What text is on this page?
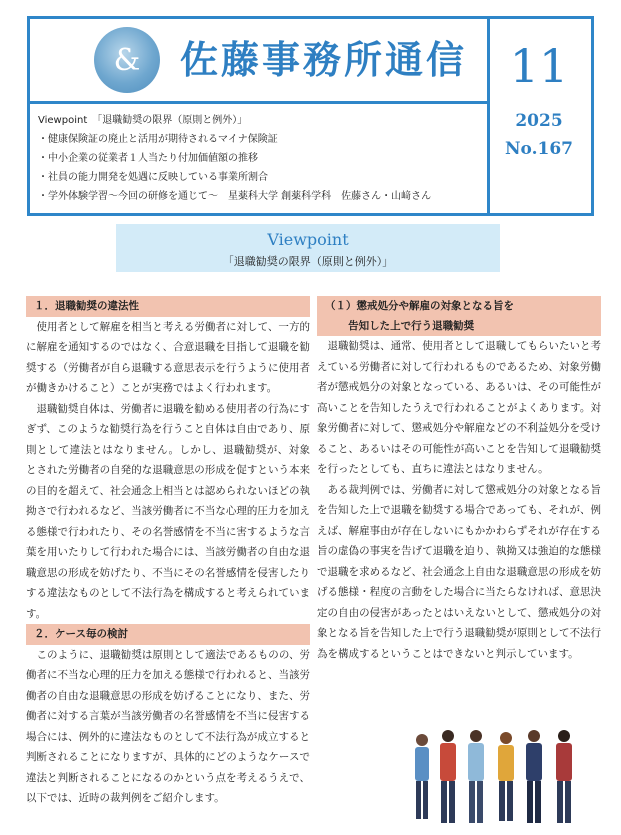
& 佐藤事務所通信
Viewpoint　「退職勧奨の限界（原則と例外）」
・健康保険証の廃止と活用が期待されるマイナ保険証
・中小企業の従業者１人当たり付加価値額の推移
・社員の能力開発を処遇に反映している事業所割合
・学外体験学習～今回の研修を通じて～　星薬科大学 創薬科学科　佐藤さん・山﨑さん
11
2025
No.167
Viewpoint
「退職勧奨の限界（原則と例外）」

１．退職勧奨の違法性

使用者として解雇を相当と考える労働者に対して、一方的に解雇を通知するのではなく、合意退職を目指して退職を勧奨する（労働者が自ら退職する意思表示を行うように使用者が働きかけること）ことが実務ではよく行われます。

退職勧奨自体は、労働者に退職を勧める使用者の行為にすぎず、このような勧奨行為を行うこと自体は自由であり、原則として違法とはなりません。しかし、退職勧奨が、対象とされた労働者の自発的な退職意思の形成を促すという本来の目的を超えて、社会通念上相当とは認められないほどの執拗さで行われるなど、当該労働者に不当な心理的圧力を加える態様で行われたり、その名誉感情を不当に害するような言葉を用いたりして行われた場合には、当該労働者の自由な退職意思の形成を妨げたり、不当にその名誉感情を侵害したりする違法なものとして不法行為を構成すると考えられています。

２．ケース毎の検討

このように、退職勧奨は原則として適法であるものの、労働者に不当な心理的圧力を加える態様で行われると、当該労働者の自由な退職意思の形成を妨げることになり、また、労働者に対する言葉が当該労働者の名誉感情を不当に侵害する場合には、例外的に違法なものとして不法行為が成立すると判断されることになりますが、具体的にどのようなケースで違法と判断されることになるのかという点を考えるうえで、以下では、近時の裁判例をご紹介します。

（１）懲戒処分や解雇の対象となる旨を
告知した上で行う退職勧奨

退職勧奨は、通常、使用者として退職してもらいたいと考えている労働者に対して行われるものであるため、対象労働者が懲戒処分の対象となっている、あるいは、その可能性が高いことを告知したうえで行われることがよくあります。対象労働者に対して、懲戒処分や解雇などの不利益処分を受けること、あるいはその可能性が高いことを告知して退職勧奨を行ったとしても、直ちに違法とはなりません。

ある裁判例では、労働者に対して懲戒処分の対象となる旨を告知した上で退職を勧奨する場合であっても、それが、例えば、解雇事由が存在しないにもかかわらずそれが存在する旨の虚偽の事実を告げて退職を迫り、執拗又は強迫的な態様で退職を求めるなど、社会通念上自由な退職意思の形成を妨げる態様・程度の言動をした場合に当たらなければ、意思決定の自由の侵害があったとはいえないとして、懲戒処分の対象となる旨を告知した上で行う退職勧奨が原則として不法行為を構成するということはできないと判示しています。
